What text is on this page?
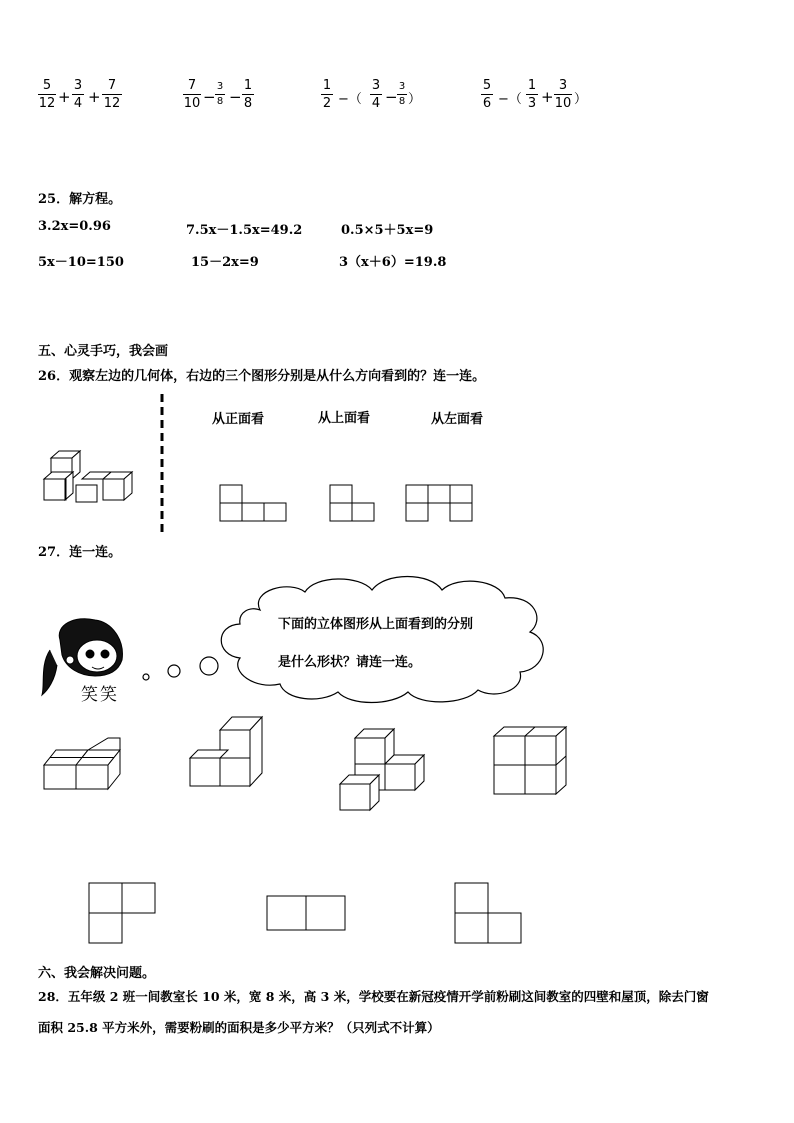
5
12 +
3
4 +
7
12
7
10 −
3
8 −
1
8
1
2 −（
3
4 −
3
8 ）
5
6 −（
1
3 +
3
10 ）
25．解方程。
3.2x=0.96	7.5x－1.5x=49.2	0.5×5＋5x=9
5x－10=150	15－2x=9	3（x＋6）=19.8
五、心灵手巧，我会画
26．观察左边的几何体，右边的三个图形分别是从什么方向看到的？连一连。
从正面看	从上面看	从左面看
27．连一连。
笑笑
下面的立体图形从上面看到的分别
是什么形状？请连一连。
六、我会解决问题。
28．五年级 2 班一间教室长 10 米，宽 8 米，高 3 米，学校要在新冠疫情开学前粉刷这间教室的四壁和屋顶，除去门窗
面积 25.8 平方米外，需要粉刷的面积是多少平方米？（只列式不计算）
